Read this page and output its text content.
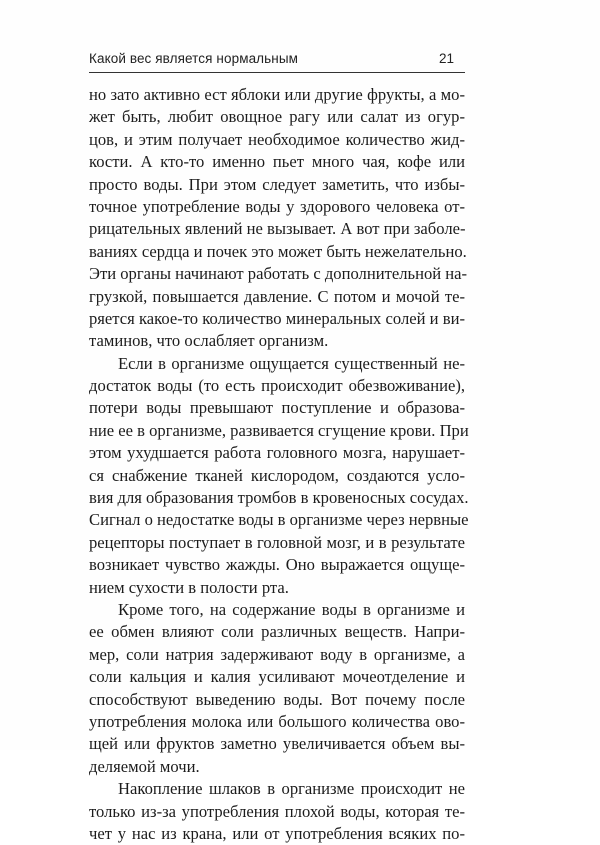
Какой вес является нормальным	21
но зато активно ест яблоки или другие фрукты, а мо-
жет быть, любит овощное рагу или салат из огур-
цов, и этим получает необходимое количество жид-
кости. А кто-то именно пьет много чая, кофе или
просто воды. При этом следует заметить, что избы-
точное употребление воды у здорового человека от-
рицательных явлений не вызывает. А вот при заболе-
ваниях сердца и почек это может быть нежелательно.
Эти органы начинают работать с дополнительной на-
грузкой, повышается давление. С потом и мочой те-
ряется какое-то количество минеральных солей и ви-
таминов, что ослабляет организм.
Если в организме ощущается существенный не-
достаток воды (то есть происходит обезвоживание),
потери воды превышают поступление и образова-
ние ее в организме, развивается сгущение крови. При
этом ухудшается работа головного мозга, нарушает-
ся снабжение тканей кислородом, создаются усло-
вия для образования тромбов в кровеносных сосудах.
Сигнал о недостатке воды в организме через нервные
рецепторы поступает в головной мозг, и в результате
возникает чувство жажды. Оно выражается ощуще-
нием сухости в полости рта.
Кроме того, на содержание воды в организме и
ее обмен влияют соли различных веществ. Напри-
мер, соли натрия задерживают воду в организме, а
соли кальция и калия усиливают мочеотделение и
способствуют выведению воды. Вот почему после
употребления молока или большого количества ово-
щей или фруктов заметно увеличивается объем вы-
деляемой мочи.
Накопление шлаков в организме происходит не
только из-за употребления плохой воды, которая те-
чет у нас из крана, или от употребления всяких по-
